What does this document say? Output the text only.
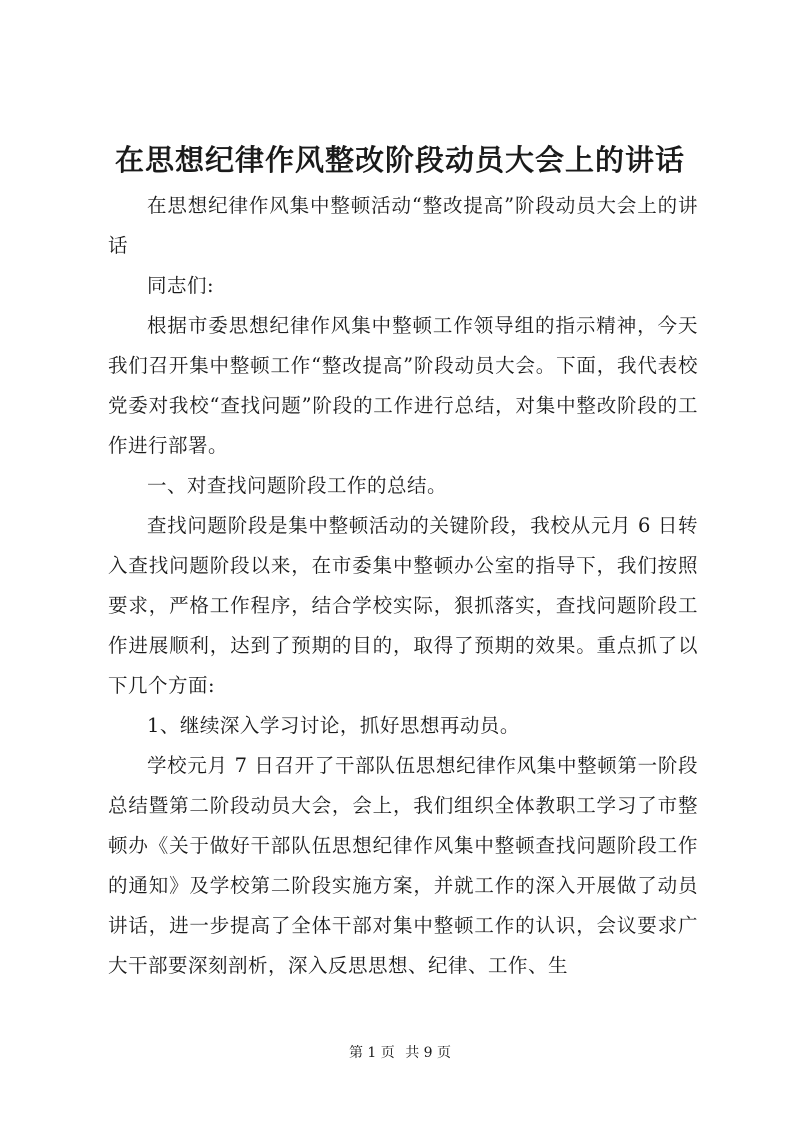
在思想纪律作风整改阶段动员大会上的讲话

在思想纪律作风集中整顿活动“整改提高”阶段动员大会上的讲话

同志们:

根据市委思想纪律作风集中整顿工作领导组的指示精神，今天我们召开集中整顿工作“整改提高”阶段动员大会。下面，我代表校党委对我校“查找问题”阶段的工作进行总结，对集中整改阶段的工作进行部署。

一、对查找问题阶段工作的总结。

查找问题阶段是集中整顿活动的关键阶段，我校从元月 6 日转入查找问题阶段以来，在市委集中整顿办公室的指导下，我们按照要求，严格工作程序，结合学校实际，狠抓落实，查找问题阶段工作进展顺利，达到了预期的目的，取得了预期的效果。重点抓了以下几个方面:

1、继续深入学习讨论，抓好思想再动员。

学校元月 7 日召开了干部队伍思想纪律作风集中整顿第一阶段总结暨第二阶段动员大会，会上，我们组织全体教职工学习了市整顿办《关于做好干部队伍思想纪律作风集中整顿查找问题阶段工作的通知》及学校第二阶段实施方案，并就工作的深入开展做了动员讲话，进一步提高了全体干部对集中整顿工作的认识，会议要求广大干部要深刻剖析，深入反思思想、纪律、工作、生

第 1 页 共 9 页
